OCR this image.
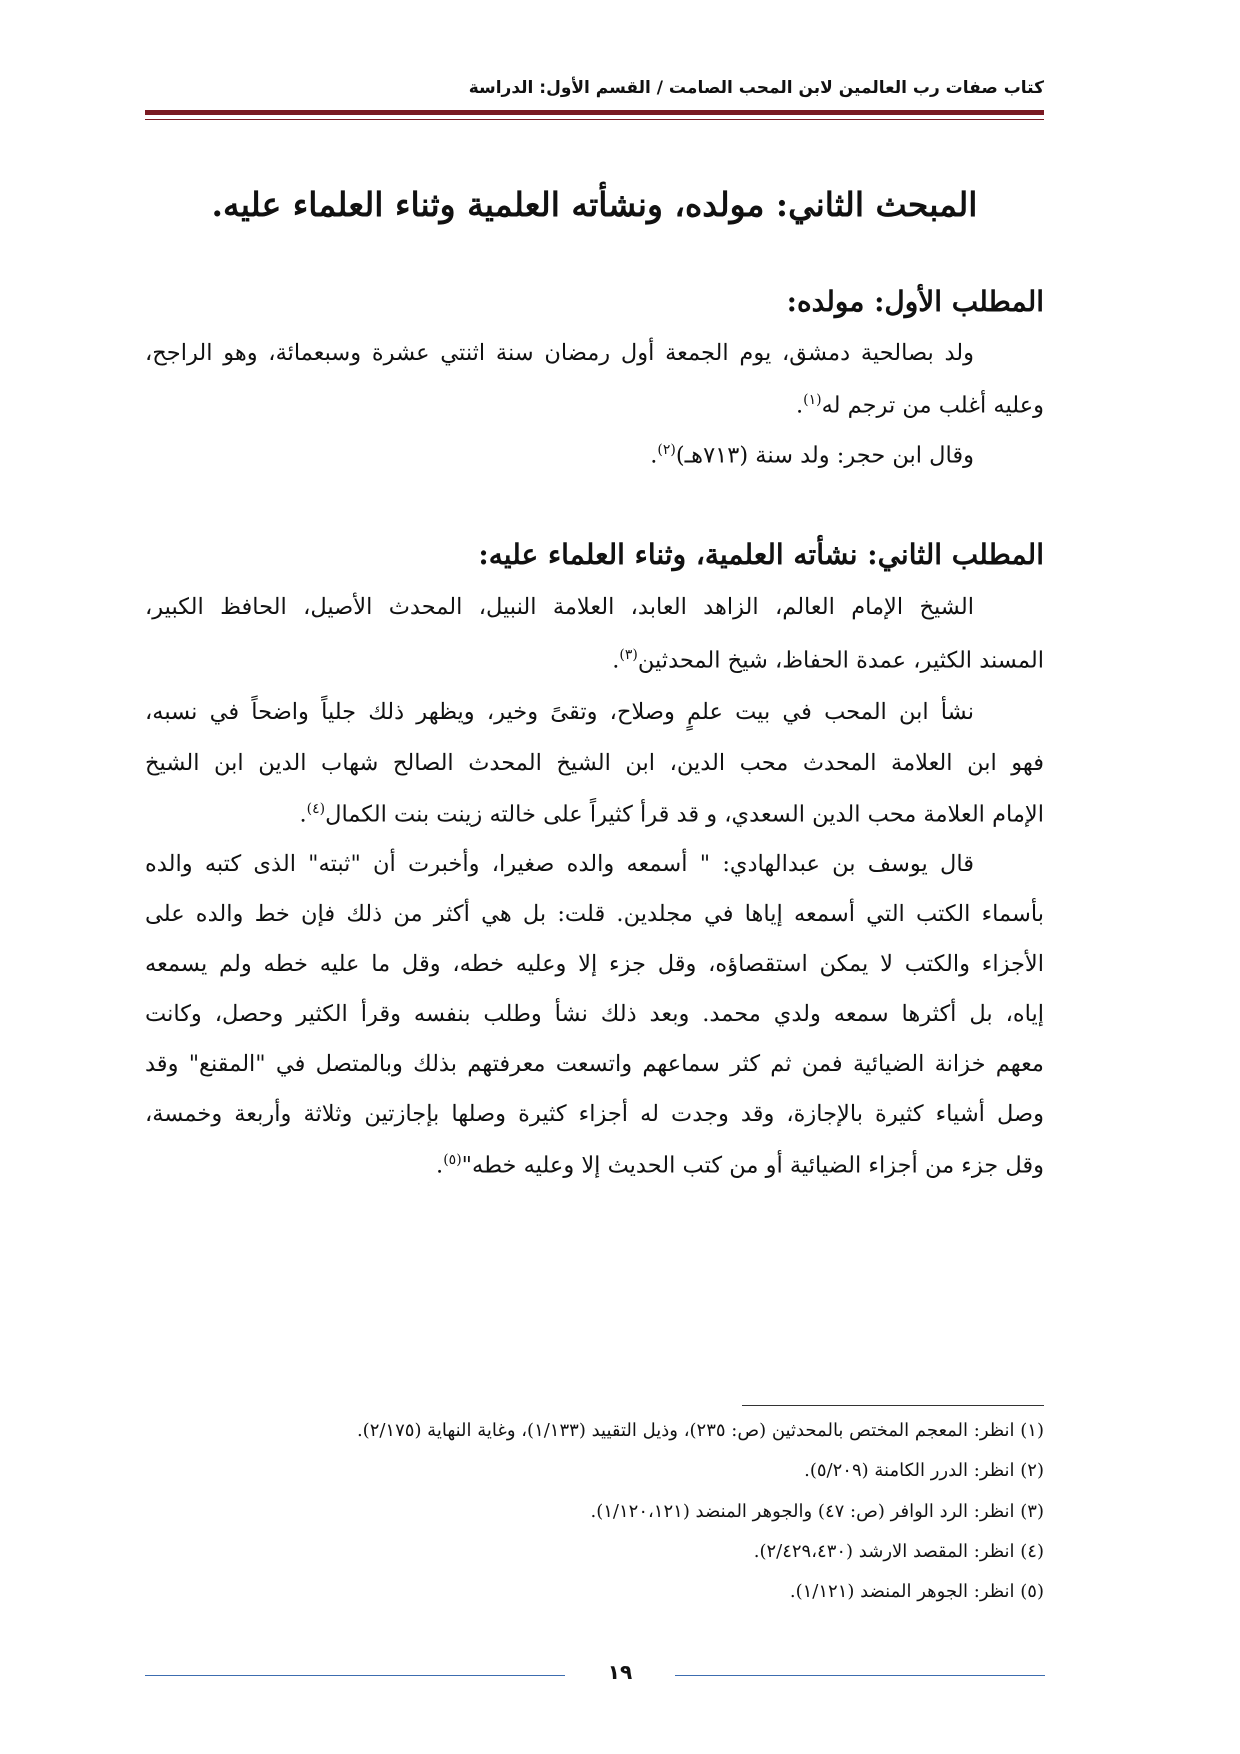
كتاب صفات رب العالمين لابن المحب الصامت / القسم الأول: الدراسة
المبحث الثاني: مولده، ونشأته العلمية وثناء العلماء عليه.
المطلب الأول: مولده:
ولد بصالحية دمشق، يوم الجمعة أول رمضان سنة اثنتي عشرة وسبعمائة، وهو الراجح،
وعليه أغلب من ترجم له$^{(١)}$.
وقال ابن حجر: ولد سنة (٧١٣هـ)$^{(٢)}$.
المطلب الثاني: نشأته العلمية، وثناء العلماء عليه:
الشيخ الإمام العالم، الزاهد العابد، العلامة النبيل، المحدث الأصيل، الحافظ الكبير،
المسند الكثير، عمدة الحفاظ، شيخ المحدثين$^{(٣)}$.
نشأ ابن المحب في بيت علمٍ وصلاح، وتقىً وخير، ويظهر ذلك جلياً واضحاً في نسبه،
فهو ابن العلامة المحدث محب الدين، ابن الشيخ المحدث الصالح شهاب الدين ابن الشيخ
الإمام العلامة محب الدين السعدي، و قد قرأ كثيراً على خالته زينت بنت الكمال$^{(٤)}$.
قال يوسف بن عبدالهادي: " أسمعه والده صغيرا، وأخبرت أن "ثبته" الذى كتبه والده
بأسماء الكتب التي أسمعه إياها في مجلدين. قلت: بل هي أكثر من ذلك فإن خط والده على
الأجزاء والكتب لا يمكن استقصاؤه، وقل جزء إلا وعليه خطه، وقل ما عليه خطه ولم يسمعه
إياه، بل أكثرها سمعه ولدي محمد. وبعد ذلك نشأ وطلب بنفسه وقرأ الكثير وحصل، وكانت
معهم خزانة الضيائية فمن ثم كثر سماعهم واتسعت معرفتهم بذلك وبالمتصل في "المقنع" وقد
وصل أشياء كثيرة بالإجازة، وقد وجدت له أجزاء كثيرة وصلها بإجازتين وثلاثة وأربعة وخمسة،
وقل جزء من أجزاء الضيائية أو من كتب الحديث إلا وعليه خطه"$^{(٥)}$.
(١) انظر: المعجم المختص بالمحدثين (ص: ٢٣٥)، وذيل التقييد (١/١٣٣)، وغاية النهاية (٢/١٧٥).
(٢) انظر: الدرر الكامنة (٥/٢٠٩).
(٣) انظر: الرد الوافر (ص: ٤٧) والجوهر المنضد (١/١٢٠،١٢١).
(٤) انظر: المقصد الارشد (٢/٤٢٩،٤٣٠).
(٥) انظر: الجوهر المنضد (١/١٢١).
١٩
